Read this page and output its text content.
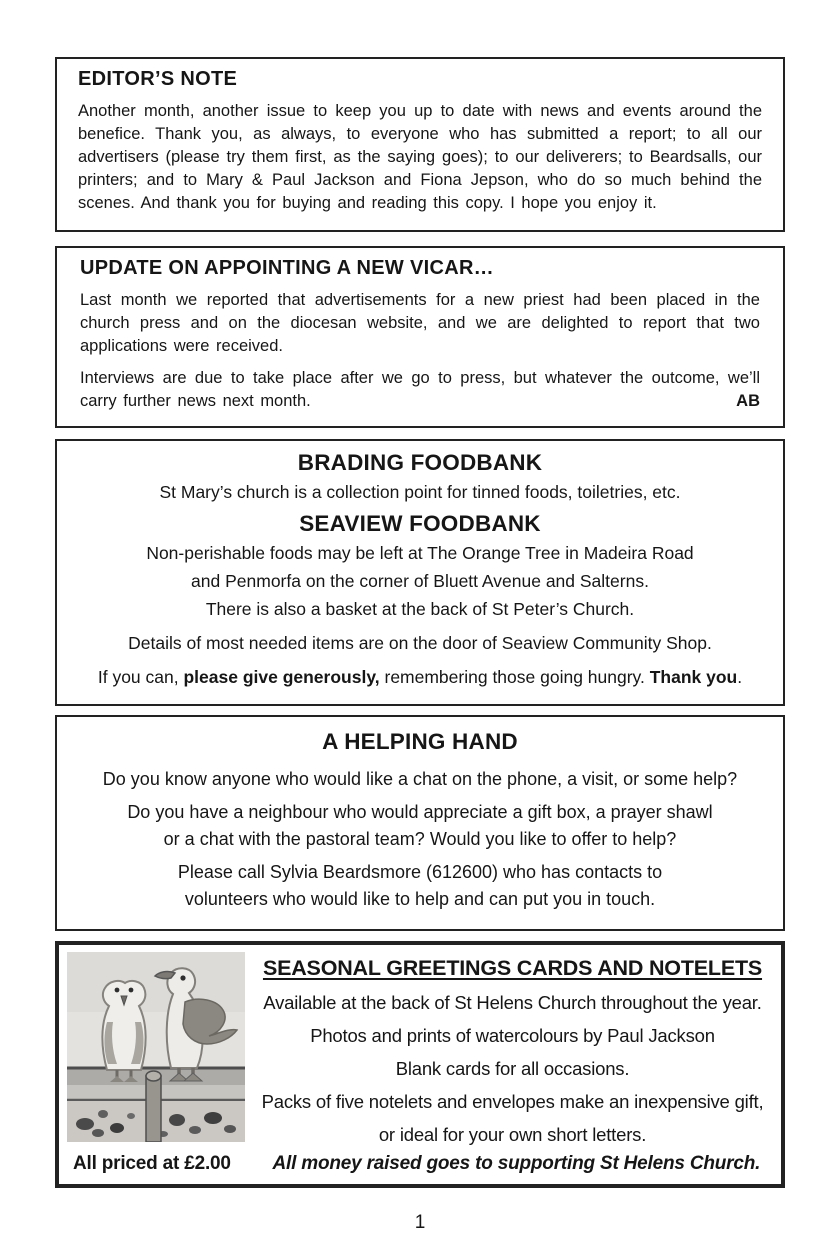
EDITOR’S NOTE

Another month, another issue to keep you up to date with news and events around the benefice. Thank you, as always, to everyone who has submitted a report; to all our advertisers (please try them first, as the saying goes); to our deliverers; to Beardsalls, our printers; and to Mary & Paul Jackson and Fiona Jepson, who do so much behind the scenes. And thank you for buying and reading this copy. I hope you enjoy it.

UPDATE ON APPOINTING A NEW VICAR…

Last month we reported that advertisements for a new priest had been placed in the church press and on the diocesan website, and we are delighted to report that two applications were received.

Interviews are due to take place after we go to press, but whatever the outcome, we’ll carry further news next month.	AB

BRADING FOODBANK
St Mary’s church is a collection point for tinned foods, toiletries, etc.
SEAVIEW FOODBANK
Non-perishable foods may be left at The Orange Tree in Madeira Road
and Penmorfa on the corner of Bluett Avenue and Salterns.
There is also a basket at the back of St Peter’s Church.
Details of most needed items are on the door of Seaview Community Shop.
If you can, please give generously, remembering those going hungry. Thank you.
A HELPING HAND
Do you know anyone who would like a chat on the phone, a visit, or some help?
Do you have a neighbour who would appreciate a gift box, a prayer shawl
or a chat with the pastoral team? Would you like to offer to help?
Please call Sylvia Beardsmore (612600) who has contacts to
volunteers who would like to help and can put you in touch.
SEASONAL GREETINGS CARDS AND NOTELETS
Available at the back of St Helens Church throughout the year.
Photos and prints of watercolours by Paul Jackson
Blank cards for all occasions.
Packs of five notelets and envelopes make an inexpensive gift,
or ideal for your own short letters.
All priced at £2.00	All money raised goes to supporting St Helens Church.
1
